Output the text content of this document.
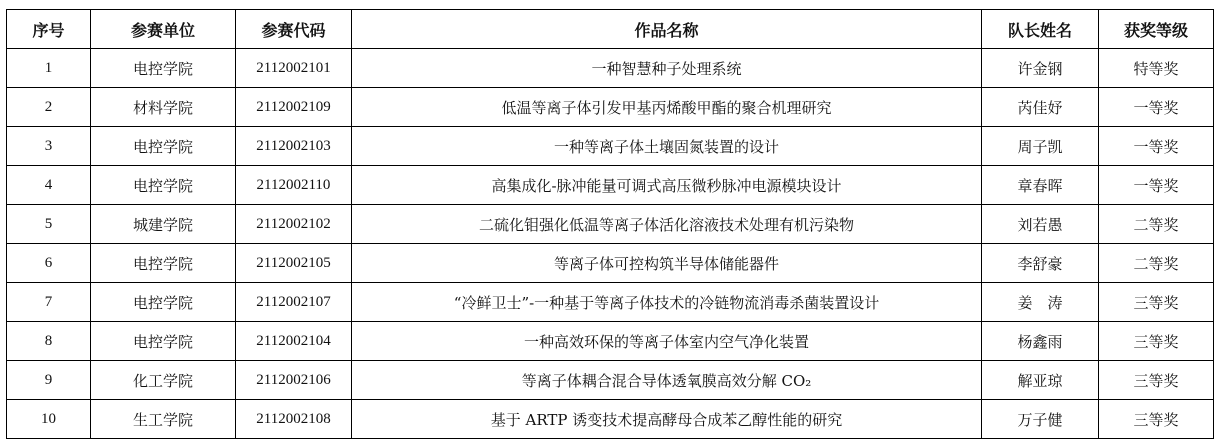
序号	参赛单位	参赛代码	作品名称	队长姓名	获奖等级
1	电控学院	2112002101	一种智慧种子处理系统	许金钢	特等奖
2	材料学院	2112002109	低温等离子体引发甲基丙烯酸甲酯的聚合机理研究	芮佳妤	一等奖
3	电控学院	2112002103	一种等离子体土壤固氮装置的设计	周子凯	一等奖
4	电控学院	2112002110	高集成化-脉冲能量可调式高压微秒脉冲电源模块设计	章春晖	一等奖
5	城建学院	2112002102	二硫化钼强化低温等离子体活化溶液技术处理有机污染物	刘若愚	二等奖
6	电控学院	2112002105	等离子体可控构筑半导体储能器件	李舒豪	二等奖
7	电控学院	2112002107	“冷鲜卫士”-一种基于等离子体技术的冷链物流消毒杀菌装置设计	姜　涛	三等奖
8	电控学院	2112002104	一种高效环保的等离子体室内空气净化装置	杨鑫雨	三等奖
9	化工学院	2112002106	等离子体耦合混合导体透氧膜高效分解 CO₂	解亚琼	三等奖
10	生工学院	2112002108	基于 ARTP 诱变技术提高酵母合成苯乙醇性能的研究	万子健	三等奖
